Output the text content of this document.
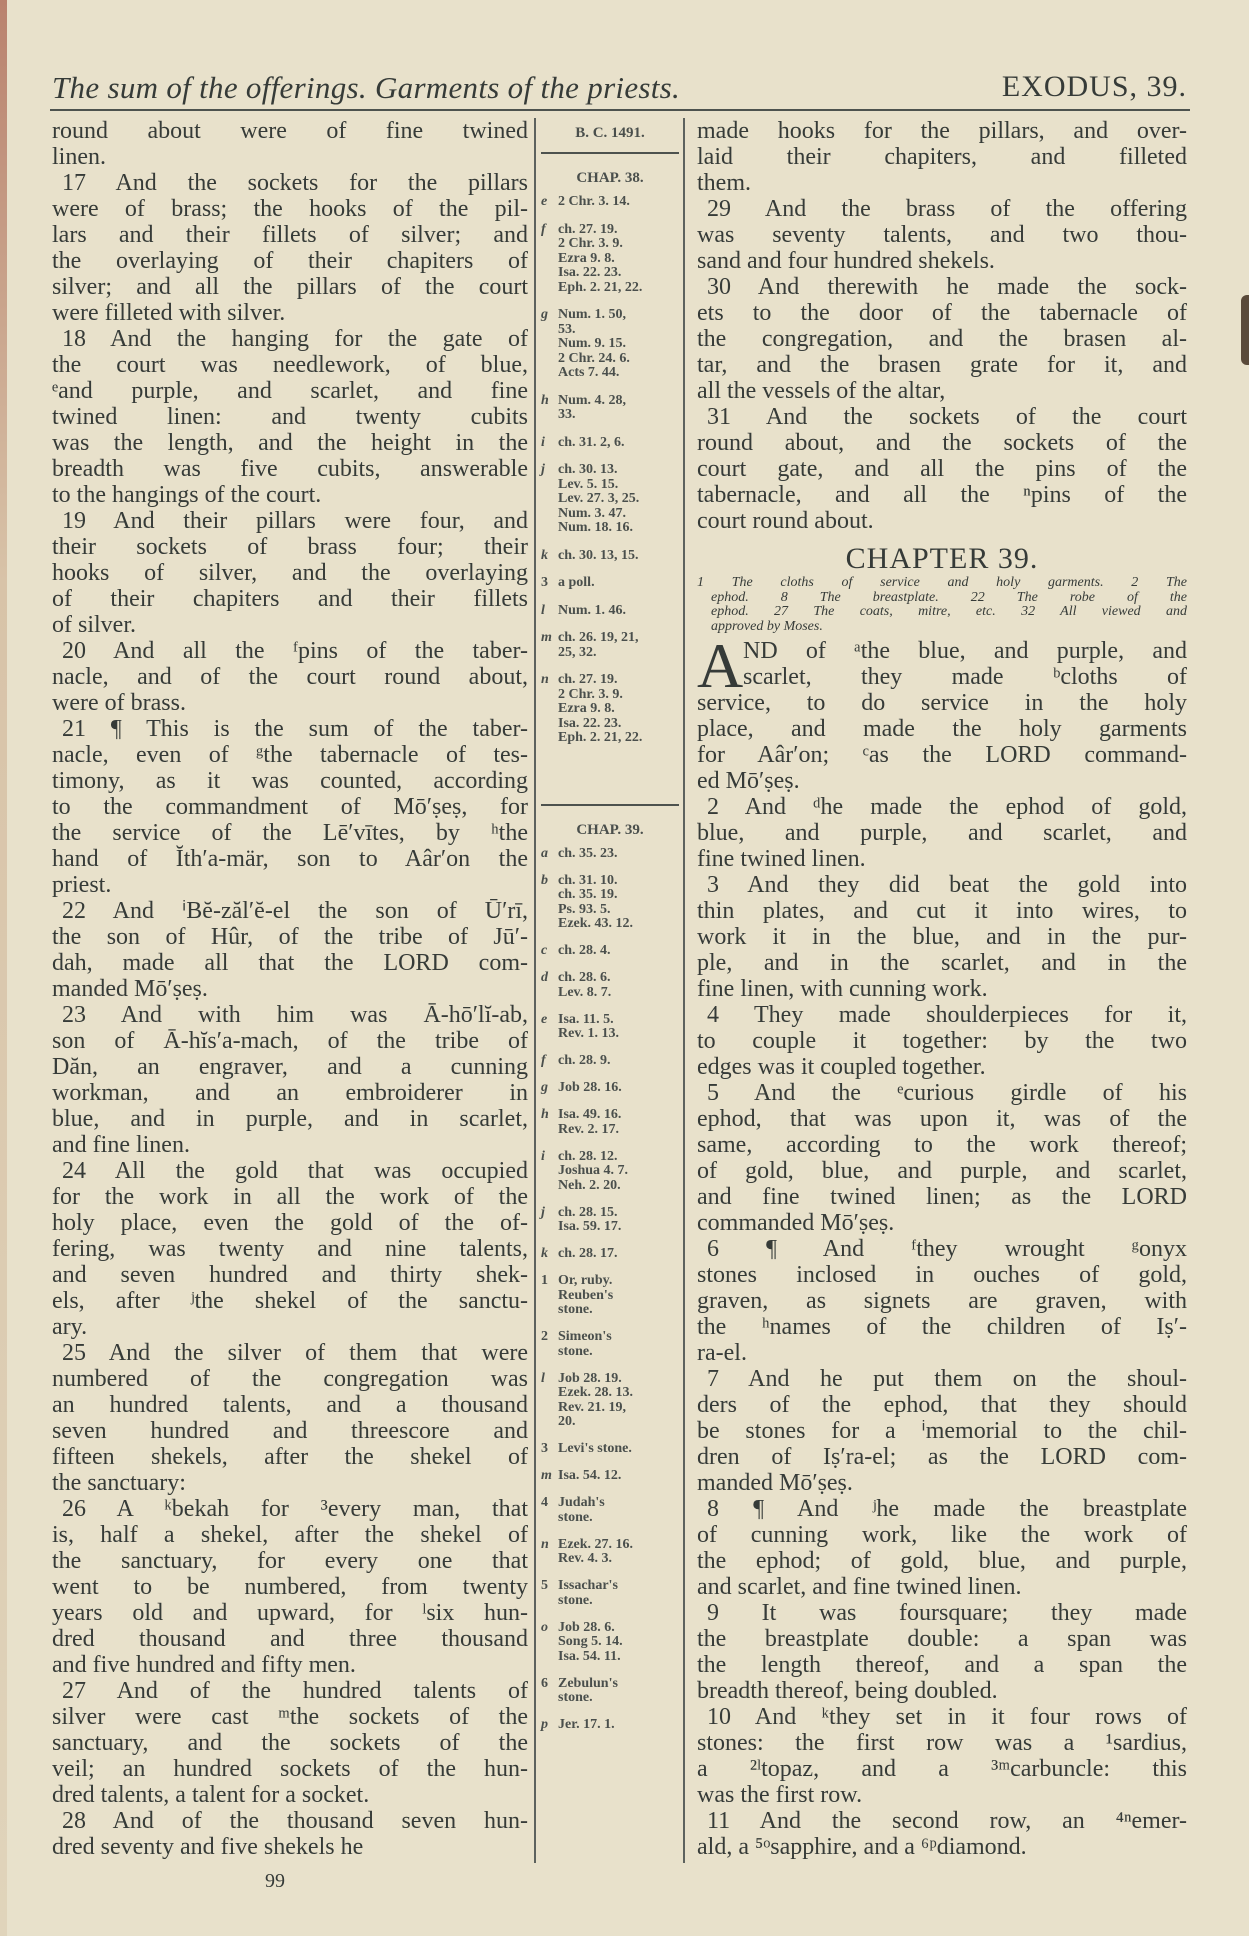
The sum of the offerings. Garments of the priests.	EXODUS, 39.
round about were of fine twined
linen.
17 And the sockets for the pillars
were of brass; the hooks of the pil-
lars and their fillets of silver; and
the overlaying of their chapiters of
silver; and all the pillars of the court
were filleted with silver.
18 And the hanging for the gate of
the court was needlework, of blue,
ᵉand purple, and scarlet, and fine
twined linen: and twenty cubits
was the length, and the height in the
breadth was five cubits, answerable
to the hangings of the court.
19 And their pillars were four, and
their sockets of brass four; their
hooks of silver, and the overlaying
of their chapiters and their fillets
of silver.
20 And all the ᶠpins of the taber-
nacle, and of the court round about,
were of brass.
21 ¶ This is the sum of the taber-
nacle, even of ᵍthe tabernacle of tes-
timony, as it was counted, according
to the commandment of Mō′ṣeṣ, for
the service of the Lē′vītes, by ʰthe
hand of Ĭth′a-mär, son to Aâr′on the
priest.
22 And ⁱBĕ-zăl′ĕ-el the son of Ū′rī,
the son of Hûr, of the tribe of Jū′-
dah, made all that the LORD com-
manded Mō′ṣeṣ.
23 And with him was Ā-hō′lĭ-ab,
son of Ā-hĭs′a-mach, of the tribe of
Dăn, an engraver, and a cunning
workman, and an embroiderer in
blue, and in purple, and in scarlet,
and fine linen.
24 All the gold that was occupied
for the work in all the work of the
holy place, even the gold of the of-
fering, was twenty and nine talents,
and seven hundred and thirty shek-
els, after ʲthe shekel of the sanctu-
ary.
25 And the silver of them that were
numbered of the congregation was
an hundred talents, and a thousand
seven hundred and threescore and
fifteen shekels, after the shekel of
the sanctuary:
26 A ᵏbekah for ³every man, that
is, half a shekel, after the shekel of
the sanctuary, for every one that
went to be numbered, from twenty
years old and upward, for ˡsix hun-
dred thousand and three thousand
and five hundred and fifty men.
27 And of the hundred talents of
silver were cast ᵐthe sockets of the
sanctuary, and the sockets of the
veil; an hundred sockets of the hun-
dred talents, a talent for a socket.
28 And of the thousand seven hun-
dred seventy and five shekels he
B. C. 1491.
CHAP. 38.
e 2 Chr. 3. 14.
f ch. 27. 19.
2 Chr. 3. 9.
Ezra 9. 8.
Isa. 22. 23.
Eph. 2. 21, 22.
g Num. 1. 50,
53.
Num. 9. 15.
2 Chr. 24. 6.
Acts 7. 44.
h Num. 4. 28,
33.
i ch. 31. 2, 6.
j ch. 30. 13.
Lev. 5. 15.
Lev. 27. 3, 25.
Num. 3. 47.
Num. 18. 16.
k ch. 30. 13, 15.
3 a poll.
l Num. 1. 46.
m ch. 26. 19, 21,
25, 32.
n ch. 27. 19.
2 Chr. 3. 9.
Ezra 9. 8.
Isa. 22. 23.
Eph. 2. 21, 22.
CHAP. 39.
a ch. 35. 23.
b ch. 31. 10.
ch. 35. 19.
Ps. 93. 5.
Ezek. 43. 12.
c ch. 28. 4.
d ch. 28. 6.
Lev. 8. 7.
e Isa. 11. 5.
Rev. 1. 13.
f ch. 28. 9.
g Job 28. 16.
h Isa. 49. 16.
Rev. 2. 17.
i ch. 28. 12.
Joshua 4. 7.
Neh. 2. 20.
j ch. 28. 15.
Isa. 59. 17.
k ch. 28. 17.
1 Or, ruby.
Reuben's
stone.
2 Simeon's
stone.
l Job 28. 19.
Ezek. 28. 13.
Rev. 21. 19,
20.
3 Levi's stone.
m Isa. 54. 12.
4 Judah's
stone.
n Ezek. 27. 16.
Rev. 4. 3.
5 Issachar's
stone.
o Job 28. 6.
Song 5. 14.
Isa. 54. 11.
6 Zebulun's
stone.
p Jer. 17. 1.
made hooks for the pillars, and over-
laid their chapiters, and filleted
them.
29 And the brass of the offering
was seventy talents, and two thou-
sand and four hundred shekels.
30 And therewith he made the sock-
ets to the door of the tabernacle of
the congregation, and the brasen al-
tar, and the brasen grate for it, and
all the vessels of the altar,
31 And the sockets of the court
round about, and the sockets of the
court gate, and all the pins of the
tabernacle, and all the ⁿpins of the
court round about.
CHAPTER 39.
1 The cloths of service and holy garments. 2 The
ephod. 8 The breastplate. 22 The robe of the
ephod. 27 The coats, mitre, etc. 32 All viewed and
approved by Moses.
A ND of ᵃthe blue, and purple, and
scarlet, they made ᵇcloths of
service, to do service in the holy
place, and made the holy garments
for Aâr′on; ᶜas the LORD command-
ed Mō′ṣeṣ.
2 And ᵈhe made the ephod of gold,
blue, and purple, and scarlet, and
fine twined linen.
3 And they did beat the gold into
thin plates, and cut it into wires, to
work it in the blue, and in the pur-
ple, and in the scarlet, and in the
fine linen, with cunning work.
4 They made shoulderpieces for it,
to couple it together: by the two
edges was it coupled together.
5 And the ᵉcurious girdle of his
ephod, that was upon it, was of the
same, according to the work thereof;
of gold, blue, and purple, and scarlet,
and fine twined linen; as the LORD
commanded Mō′ṣeṣ.
6 ¶ And ᶠthey wrought ᵍonyx
stones inclosed in ouches of gold,
graven, as signets are graven, with
the ʰnames of the children of Iṣ′-
ra-el.
7 And he put them on the shoul-
ders of the ephod, that they should
be stones for a ⁱmemorial to the chil-
dren of Iṣ′ra-el; as the LORD com-
manded Mō′ṣeṣ.
8 ¶ And ʲhe made the breastplate
of cunning work, like the work of
the ephod; of gold, blue, and purple,
and scarlet, and fine twined linen.
9 It was foursquare; they made
the breastplate double: a span was
the length thereof, and a span the
breadth thereof, being doubled.
10 And ᵏthey set in it four rows of
stones: the first row was a ¹sardius,
a ²ˡtopaz, and a ³ᵐcarbuncle: this
was the first row.
11 And the second row, an ⁴ⁿemer-
ald, a ⁵ᵒsapphire, and a ⁶ᵖdiamond.
99
